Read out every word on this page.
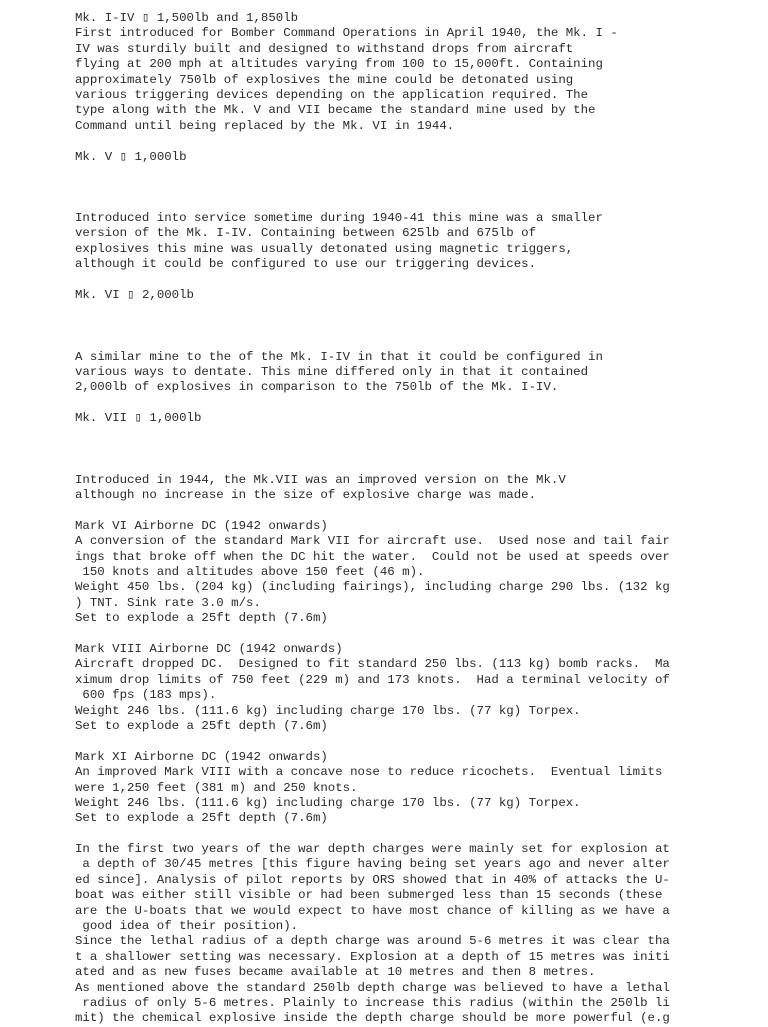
Mk. I-IV ▯ 1,500lb and 1,850lb
First introduced for Bomber Command Operations in April 1940, the Mk. I -
IV was sturdily built and designed to withstand drops from aircraft
flying at 200 mph at altitudes varying from 100 to 15,000ft. Containing
approximately 750lb of explosives the mine could be detonated using
various triggering devices depending on the application required. The
type along with the Mk. V and VII became the standard mine used by the
Command until being replaced by the Mk. VI in 1944.
Mk. V ▯ 1,000lb
Introduced into service sometime during 1940-41 this mine was a smaller
version of the Mk. I-IV. Containing between 625lb and 675lb of
explosives this mine was usually detonated using magnetic triggers,
although it could be configured to use our triggering devices.
Mk. VI ▯ 2,000lb
A similar mine to the of the Mk. I-IV in that it could be configured in
various ways to dentate. This mine differed only in that it contained
2,000lb of explosives in comparison to the 750lb of the Mk. I-IV.
Mk. VII ▯ 1,000lb
Introduced in 1944, the Mk.VII was an improved version on the Mk.V
although no increase in the size of explosive charge was made.
Mark VI Airborne DC (1942 onwards)
A conversion of the standard Mark VII for aircraft use.  Used nose and tail fair
ings that broke off when the DC hit the water.  Could not be used at speeds over
150 knots and altitudes above 150 feet (46 m).
Weight 450 lbs. (204 kg) (including fairings), including charge 290 lbs. (132 kg
) TNT. Sink rate 3.0 m/s.
Set to explode a 25ft depth (7.6m)
Mark VIII Airborne DC (1942 onwards)
Aircraft dropped DC.  Designed to fit standard 250 lbs. (113 kg) bomb racks.  Ma
ximum drop limits of 750 feet (229 m) and 173 knots.  Had a terminal velocity of
600 fps (183 mps).
Weight 246 lbs. (111.6 kg) including charge 170 lbs. (77 kg) Torpex.
Set to explode a 25ft depth (7.6m)
Mark XI Airborne DC (1942 onwards)
An improved Mark VIII with a concave nose to reduce ricochets.  Eventual limits
were 1,250 feet (381 m) and 250 knots.
Weight 246 lbs. (111.6 kg) including charge 170 lbs. (77 kg) Torpex.
Set to explode a 25ft depth (7.6m)
In the first two years of the war depth charges were mainly set for explosion at
a depth of 30/45 metres [this figure having being set years ago and never alter
ed since]. Analysis of pilot reports by ORS showed that in 40% of attacks the U-
boat was either still visible or had been submerged less than 15 seconds (these
are the U-boats that we would expect to have most chance of killing as we have a
good idea of their position).
Since the lethal radius of a depth charge was around 5-6 metres it was clear tha
t a shallower setting was necessary. Explosion at a depth of 15 metres was initi
ated and as new fuses became available at 10 metres and then 8 metres.
As mentioned above the standard 250lb depth charge was believed to have a lethal
radius of only 5-6 metres. Plainly to increase this radius (within the 250lb li
mit) the chemical explosive inside the depth charge should be more powerful (e.g
